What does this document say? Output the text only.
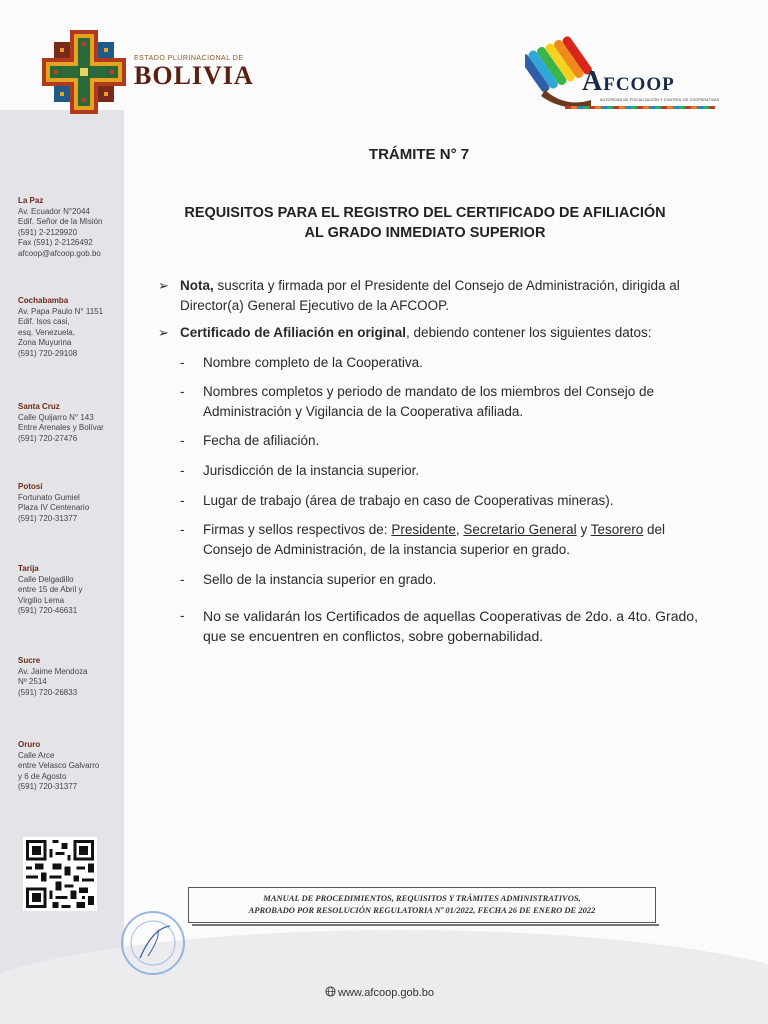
ESTADO PLURINACIONAL DE
BOLIVIA	AFCOOP
AUTORIDAD DE FISCALIZACIÓN Y CONTROL DE COOPERATIVAS
La Paz
Av. Ecuador N°2044
Edif. Señor de la Misión
(591) 2-2129920
Fax (591) 2-2126492
afcoop@afcoop.gob.bo
Cochabamba
Av. Papa Paulo N° 1151
Edif. Isos casi,
esq. Venezuela,
Zona Muyurina
(591) 720-29108
Santa Cruz
Calle Quijarro N° 143
Entre Arenales y Bolívar
(591) 720-27476
Potosí
Fortunato Gumiel
Plaza IV Centenario
(591) 720-31377
Tarija
Calle Delgadillo
entre 15 de Abril y
Virgilio Lema
(591) 720-46631
Sucre
Av. Jaime Mendoza
Nº 2514
(591) 720-26833
Oruro
Calle Arce
entre Velasco Galvarro
y 6 de Agosto
(591) 720-31377
TRÁMITE N° 7
REQUISITOS PARA EL REGISTRO DEL CERTIFICADO DE AFILIACIÓN
AL GRADO INMEDIATO SUPERIOR
➢ Nota, suscrita y firmada por el Presidente del Consejo de Administración, dirigida al Director(a) General Ejecutivo de la AFCOOP.
➢ Certificado de Afiliación en original, debiendo contener los siguientes datos:
- Nombre completo de la Cooperativa.
- Nombres completos y periodo de mandato de los miembros del Consejo de Administración y Vigilancia de la Cooperativa afiliada.
- Fecha de afiliación.
- Jurisdicción de la instancia superior.
- Lugar de trabajo (área de trabajo en caso de Cooperativas mineras).
- Firmas y sellos respectivos de: Presidente, Secretario General y Tesorero del Consejo de Administración, de la instancia superior en grado.
- Sello de la instancia superior en grado.
- No se validarán los Certificados de aquellas Cooperativas de 2do. a 4to. Grado, que se encuentren en conflictos, sobre gobernabilidad.
MANUAL DE PROCEDIMIENTOS, REQUISITOS Y TRÁMITES ADMINISTRATIVOS,
APROBADO POR RESOLUCIÓN REGULATORIA Nº 01/2022, FECHA 26 DE ENERO DE 2022
www.afcoop.gob.bo
